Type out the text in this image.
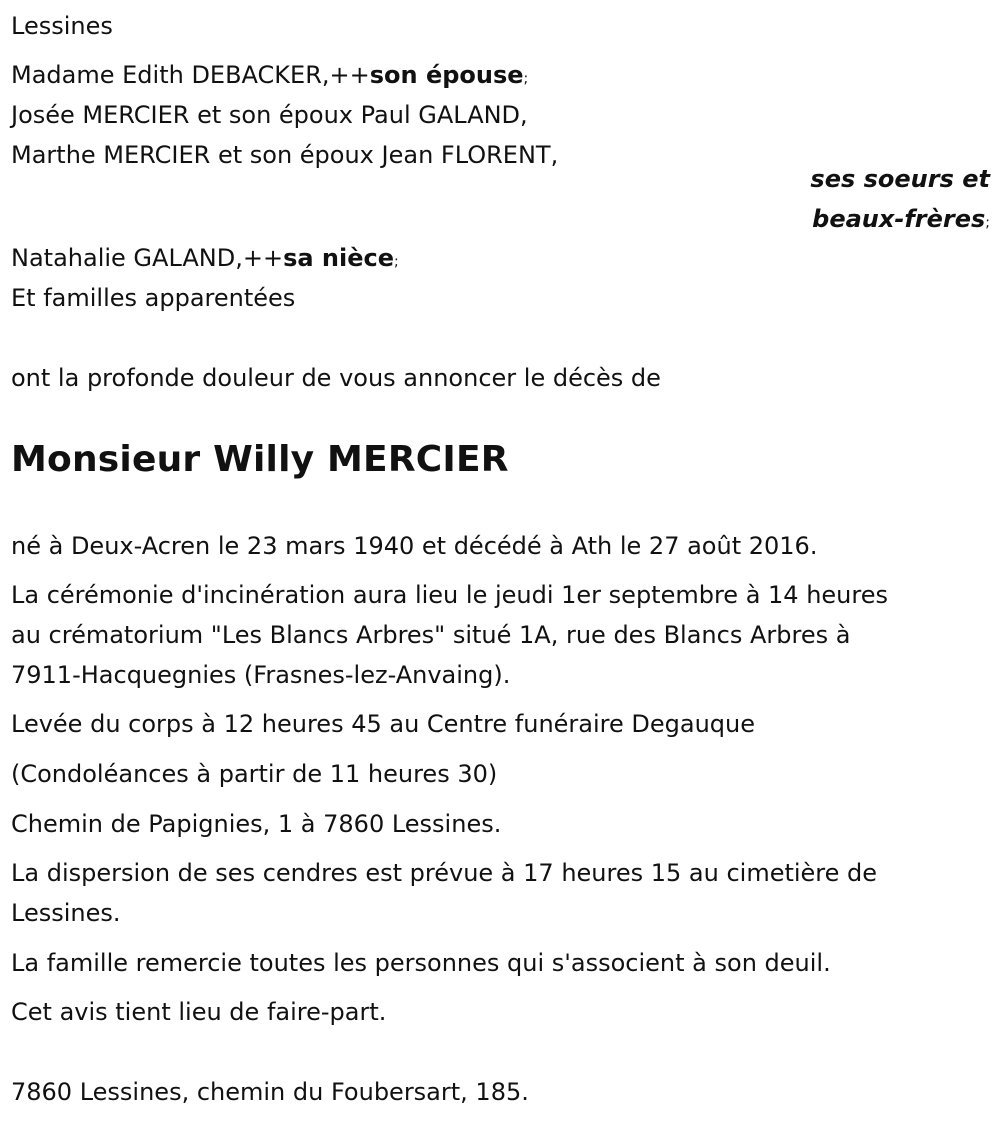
Lessines

Madame Edith DEBACKER,++son épouse;

Josée MERCIER et son époux Paul GALAND,

Marthe MERCIER et son époux Jean FLORENT,

ses soeurs et
beaux-frères;

Natahalie GALAND,++sa nièce;

Et familles apparentées

ont la profonde douleur de vous annoncer le décès de

Monsieur Willy MERCIER

né à Deux-Acren le 23 mars 1940 et décédé à Ath le 27 août 2016.

La cérémonie d'incinération aura lieu le jeudi 1er septembre à 14 heures

au crématorium "Les Blancs Arbres" situé 1A, rue des Blancs Arbres à

7911-Hacquegnies (Frasnes-lez-Anvaing).

Levée du corps à 12 heures 45 au Centre funéraire Degauque

(Condoléances à partir de 11 heures 30)

Chemin de Papignies, 1 à 7860 Lessines.

La dispersion de ses cendres est prévue à 17 heures 15 au cimetière de

Lessines.

La famille remercie toutes les personnes qui s'associent à son deuil.

Cet avis tient lieu de faire-part.

7860 Lessines, chemin du Foubersart, 185.
